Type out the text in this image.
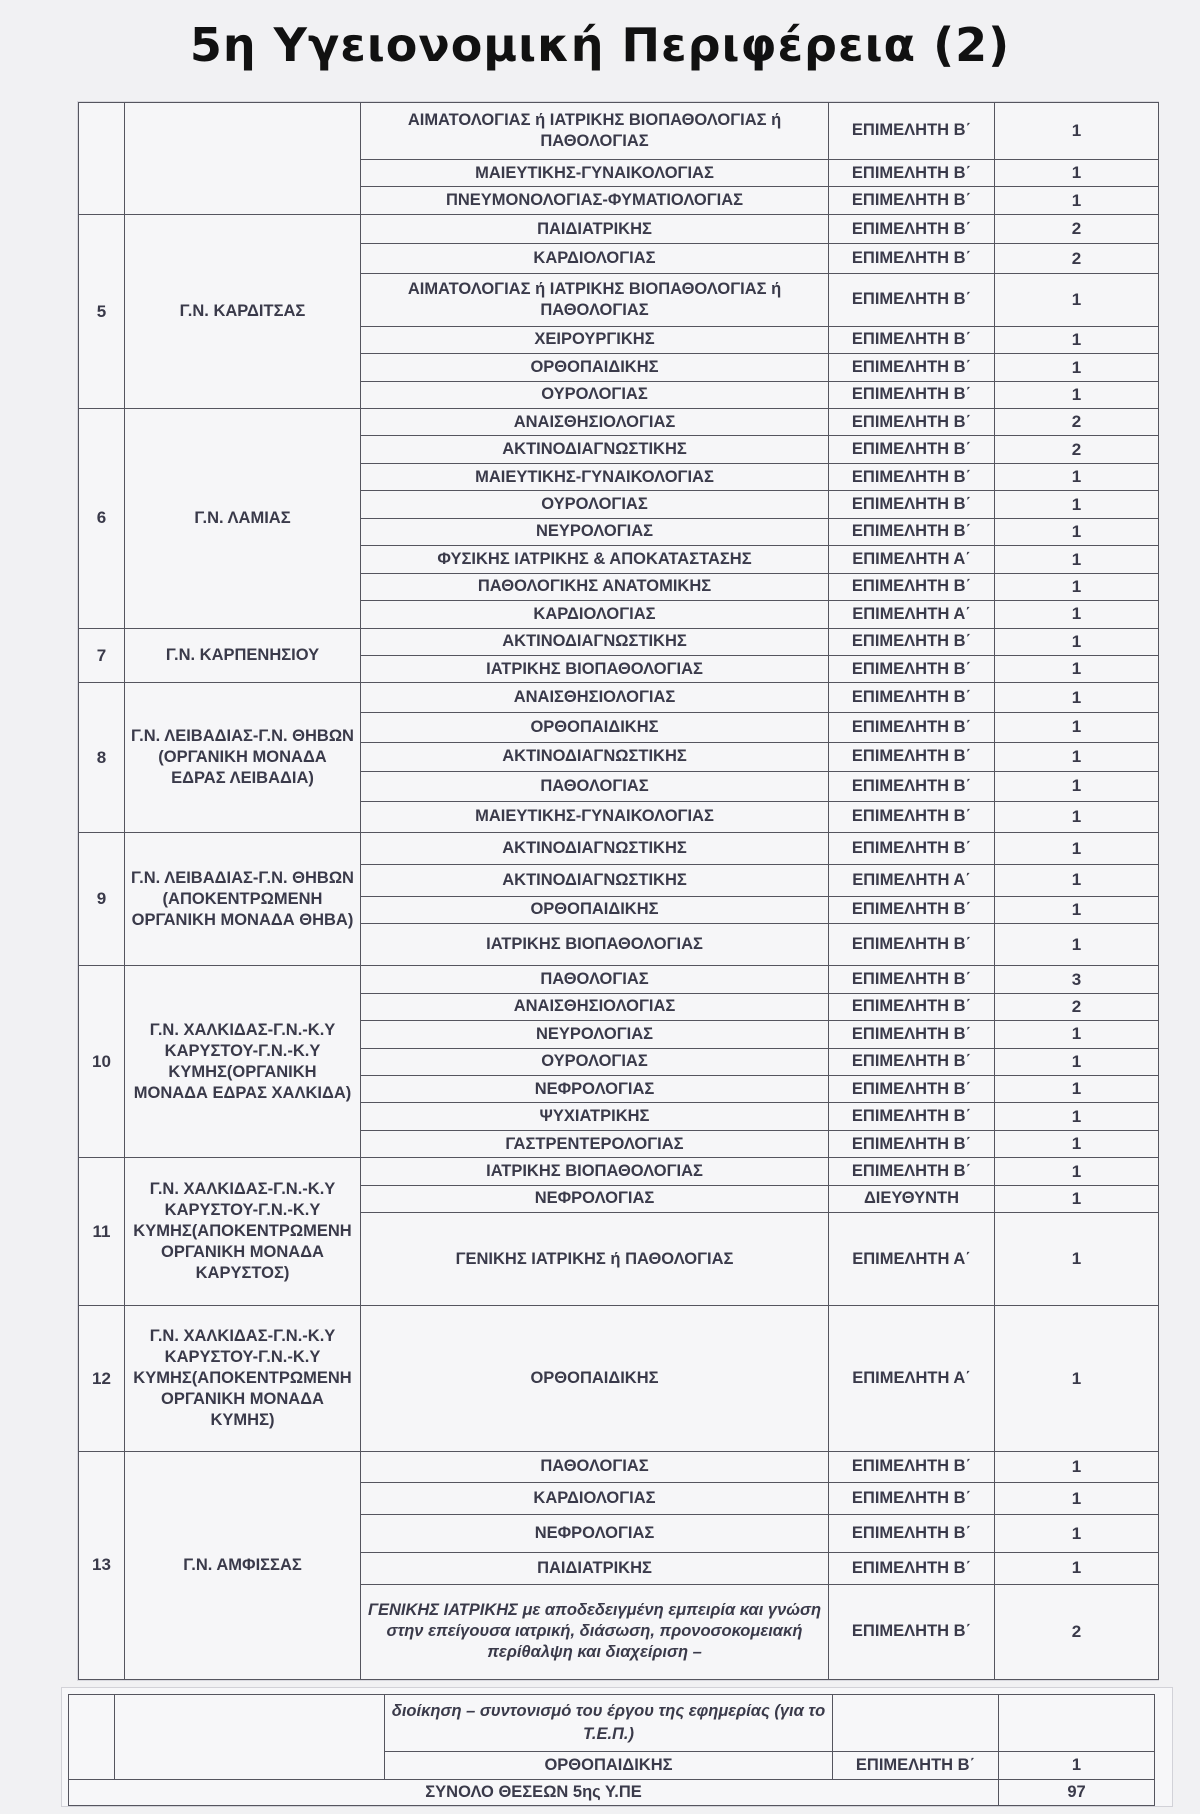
5η Υγειονομική Περιφέρεια (2)
		ΑΙΜΑΤΟΛΟΓΙΑΣ ή ΙΑΤΡΙΚΗΣ ΒΙΟΠΑΘΟΛΟΓΙΑΣ ή ΠΑΘΟΛΟΓΙΑΣ	ΕΠΙΜΕΛΗΤΗ Β΄	1
		ΜΑΙΕΥΤΙΚΗΣ-ΓΥΝΑΙΚΟΛΟΓΙΑΣ	ΕΠΙΜΕΛΗΤΗ Β΄	1
		ΠΝΕΥΜΟΝΟΛΟΓΙΑΣ-ΦΥΜΑΤΙΟΛΟΓΙΑΣ	ΕΠΙΜΕΛΗΤΗ Β΄	1
5	Γ.Ν. ΚΑΡΔΙΤΣΑΣ	ΠΑΙΔΙΑΤΡΙΚΗΣ	ΕΠΙΜΕΛΗΤΗ Β΄	2
		ΚΑΡΔΙΟΛΟΓΙΑΣ	ΕΠΙΜΕΛΗΤΗ Β΄	2
		ΑΙΜΑΤΟΛΟΓΙΑΣ ή ΙΑΤΡΙΚΗΣ ΒΙΟΠΑΘΟΛΟΓΙΑΣ ή ΠΑΘΟΛΟΓΙΑΣ	ΕΠΙΜΕΛΗΤΗ Β΄	1
		ΧΕΙΡΟΥΡΓΙΚΗΣ	ΕΠΙΜΕΛΗΤΗ Β΄	1
		ΟΡΘΟΠΑΙΔΙΚΗΣ	ΕΠΙΜΕΛΗΤΗ Β΄	1
		ΟΥΡΟΛΟΓΙΑΣ	ΕΠΙΜΕΛΗΤΗ Β΄	1
6	Γ.Ν. ΛΑΜΙΑΣ	ΑΝΑΙΣΘΗΣΙΟΛΟΓΙΑΣ	ΕΠΙΜΕΛΗΤΗ Β΄	2
		ΑΚΤΙΝΟΔΙΑΓΝΩΣΤΙΚΗΣ	ΕΠΙΜΕΛΗΤΗ Β΄	2
		ΜΑΙΕΥΤΙΚΗΣ-ΓΥΝΑΙΚΟΛΟΓΙΑΣ	ΕΠΙΜΕΛΗΤΗ Β΄	1
		ΟΥΡΟΛΟΓΙΑΣ	ΕΠΙΜΕΛΗΤΗ Β΄	1
		ΝΕΥΡΟΛΟΓΙΑΣ	ΕΠΙΜΕΛΗΤΗ Β΄	1
		ΦΥΣΙΚΗΣ ΙΑΤΡΙΚΗΣ & ΑΠΟΚΑΤΑΣΤΑΣΗΣ	ΕΠΙΜΕΛΗΤΗ Α΄	1
		ΠΑΘΟΛΟΓΙΚΗΣ ΑΝΑΤΟΜΙΚΗΣ	ΕΠΙΜΕΛΗΤΗ Β΄	1
		ΚΑΡΔΙΟΛΟΓΙΑΣ	ΕΠΙΜΕΛΗΤΗ Α΄	1
7	Γ.Ν. ΚΑΡΠΕΝΗΣΙΟΥ	ΑΚΤΙΝΟΔΙΑΓΝΩΣΤΙΚΗΣ	ΕΠΙΜΕΛΗΤΗ Β΄	1
		ΙΑΤΡΙΚΗΣ ΒΙΟΠΑΘΟΛΟΓΙΑΣ	ΕΠΙΜΕΛΗΤΗ Β΄	1
8	Γ.Ν. ΛΕΙΒΑΔΙΑΣ-Γ.Ν. ΘΗΒΩΝ (ΟΡΓΑΝΙΚΗ ΜΟΝΑΔΑ ΕΔΡΑΣ ΛΕΙΒΑΔΙΑ)	ΑΝΑΙΣΘΗΣΙΟΛΟΓΙΑΣ	ΕΠΙΜΕΛΗΤΗ Β΄	1
		ΟΡΘΟΠΑΙΔΙΚΗΣ	ΕΠΙΜΕΛΗΤΗ Β΄	1
		ΑΚΤΙΝΟΔΙΑΓΝΩΣΤΙΚΗΣ	ΕΠΙΜΕΛΗΤΗ Β΄	1
		ΠΑΘΟΛΟΓΙΑΣ	ΕΠΙΜΕΛΗΤΗ Β΄	1
		ΜΑΙΕΥΤΙΚΗΣ-ΓΥΝΑΙΚΟΛΟΓΙΑΣ	ΕΠΙΜΕΛΗΤΗ Β΄	1
9	Γ.Ν. ΛΕΙΒΑΔΙΑΣ-Γ.Ν. ΘΗΒΩΝ (ΑΠΟΚΕΝΤΡΩΜΕΝΗ ΟΡΓΑΝΙΚΗ ΜΟΝΑΔΑ ΘΗΒΑ)	ΑΚΤΙΝΟΔΙΑΓΝΩΣΤΙΚΗΣ	ΕΠΙΜΕΛΗΤΗ Β΄	1
		ΑΚΤΙΝΟΔΙΑΓΝΩΣΤΙΚΗΣ	ΕΠΙΜΕΛΗΤΗ Α΄	1
		ΟΡΘΟΠΑΙΔΙΚΗΣ	ΕΠΙΜΕΛΗΤΗ Β΄	1
		ΙΑΤΡΙΚΗΣ ΒΙΟΠΑΘΟΛΟΓΙΑΣ	ΕΠΙΜΕΛΗΤΗ Β΄	1
10	Γ.Ν. ΧΑΛΚΙΔΑΣ-Γ.Ν.-Κ.Υ ΚΑΡΥΣΤΟΥ-Γ.Ν.-Κ.Υ ΚΥΜΗΣ(ΟΡΓΑΝΙΚΗ ΜΟΝΑΔΑ ΕΔΡΑΣ ΧΑΛΚΙΔΑ)	ΠΑΘΟΛΟΓΙΑΣ	ΕΠΙΜΕΛΗΤΗ Β΄	3
		ΑΝΑΙΣΘΗΣΙΟΛΟΓΙΑΣ	ΕΠΙΜΕΛΗΤΗ Β΄	2
		ΝΕΥΡΟΛΟΓΙΑΣ	ΕΠΙΜΕΛΗΤΗ Β΄	1
		ΟΥΡΟΛΟΓΙΑΣ	ΕΠΙΜΕΛΗΤΗ Β΄	1
		ΝΕΦΡΟΛΟΓΙΑΣ	ΕΠΙΜΕΛΗΤΗ Β΄	1
		ΨΥΧΙΑΤΡΙΚΗΣ	ΕΠΙΜΕΛΗΤΗ Β΄	1
		ΓΑΣΤΡΕΝΤΕΡΟΛΟΓΙΑΣ	ΕΠΙΜΕΛΗΤΗ Β΄	1
11	Γ.Ν. ΧΑΛΚΙΔΑΣ-Γ.Ν.-Κ.Υ ΚΑΡΥΣΤΟΥ-Γ.Ν.-Κ.Υ ΚΥΜΗΣ(ΑΠΟΚΕΝΤΡΩΜΕΝΗ ΟΡΓΑΝΙΚΗ ΜΟΝΑΔΑ ΚΑΡΥΣΤΟΣ)	ΙΑΤΡΙΚΗΣ ΒΙΟΠΑΘΟΛΟΓΙΑΣ	ΕΠΙΜΕΛΗΤΗ Β΄	1
		ΝΕΦΡΟΛΟΓΙΑΣ	ΔΙΕΥΘΥΝΤΗ	1
		ΓΕΝΙΚΗΣ ΙΑΤΡΙΚΗΣ ή ΠΑΘΟΛΟΓΙΑΣ	ΕΠΙΜΕΛΗΤΗ Α΄	1
12	Γ.Ν. ΧΑΛΚΙΔΑΣ-Γ.Ν.-Κ.Υ ΚΑΡΥΣΤΟΥ-Γ.Ν.-Κ.Υ ΚΥΜΗΣ(ΑΠΟΚΕΝΤΡΩΜΕΝΗ ΟΡΓΑΝΙΚΗ ΜΟΝΑΔΑ ΚΥΜΗΣ)	ΟΡΘΟΠΑΙΔΙΚΗΣ	ΕΠΙΜΕΛΗΤΗ Α΄	1
13	Γ.Ν. ΑΜΦΙΣΣΑΣ	ΠΑΘΟΛΟΓΙΑΣ	ΕΠΙΜΕΛΗΤΗ Β΄	1
		ΚΑΡΔΙΟΛΟΓΙΑΣ	ΕΠΙΜΕΛΗΤΗ Β΄	1
		ΝΕΦΡΟΛΟΓΙΑΣ	ΕΠΙΜΕΛΗΤΗ Β΄	1
		ΠΑΙΔΙΑΤΡΙΚΗΣ	ΕΠΙΜΕΛΗΤΗ Β΄	1
		ΓΕΝΙΚΗΣ ΙΑΤΡΙΚΗΣ με αποδεδειγμένη εμπειρία και γνώση στην επείγουσα ιατρική, διάσωση, προνοσοκομειακή περίθαλψη και διαχείριση –	ΕΠΙΜΕΛΗΤΗ Β΄	2
		διοίκηση – συντονισμό του έργου της εφημερίας (για το Τ.Ε.Π.)		
		ΟΡΘΟΠΑΙΔΙΚΗΣ	ΕΠΙΜΕΛΗΤΗ Β΄	1
ΣΥΝΟΛΟ ΘΕΣΕΩΝ 5ης Υ.ΠΕ				97
